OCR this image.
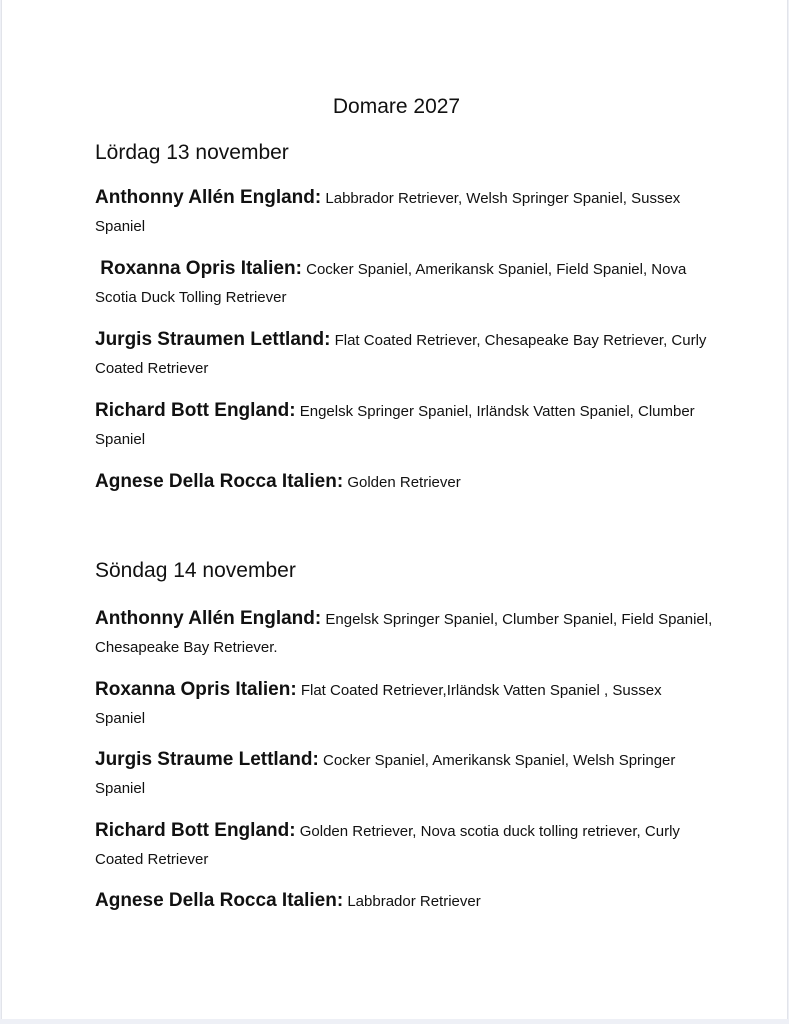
Domare 2027
Lördag 13 november
Anthonny Allén England: Labbrador Retriever, Welsh Springer Spaniel, Sussex Spaniel
Roxanna Opris Italien: Cocker Spaniel, Amerikansk Spaniel, Field Spaniel, Nova Scotia Duck Tolling Retriever
Jurgis Straumen Lettland: Flat Coated Retriever, Chesapeake Bay Retriever, Curly Coated Retriever
Richard Bott England: Engelsk Springer Spaniel, Irländsk Vatten Spaniel, Clumber Spaniel
Agnese Della Rocca Italien: Golden Retriever
Söndag 14 november
Anthonny Allén England: Engelsk Springer Spaniel, Clumber Spaniel, Field Spaniel, Chesapeake Bay Retriever.
Roxanna Opris Italien: Flat Coated Retriever,Irländsk Vatten Spaniel , Sussex Spaniel
Jurgis Straume Lettland: Cocker Spaniel, Amerikansk Spaniel, Welsh Springer Spaniel
Richard Bott England: Golden Retriever, Nova scotia duck tolling retriever, Curly Coated Retriever
Agnese Della Rocca Italien: Labbrador Retriever
